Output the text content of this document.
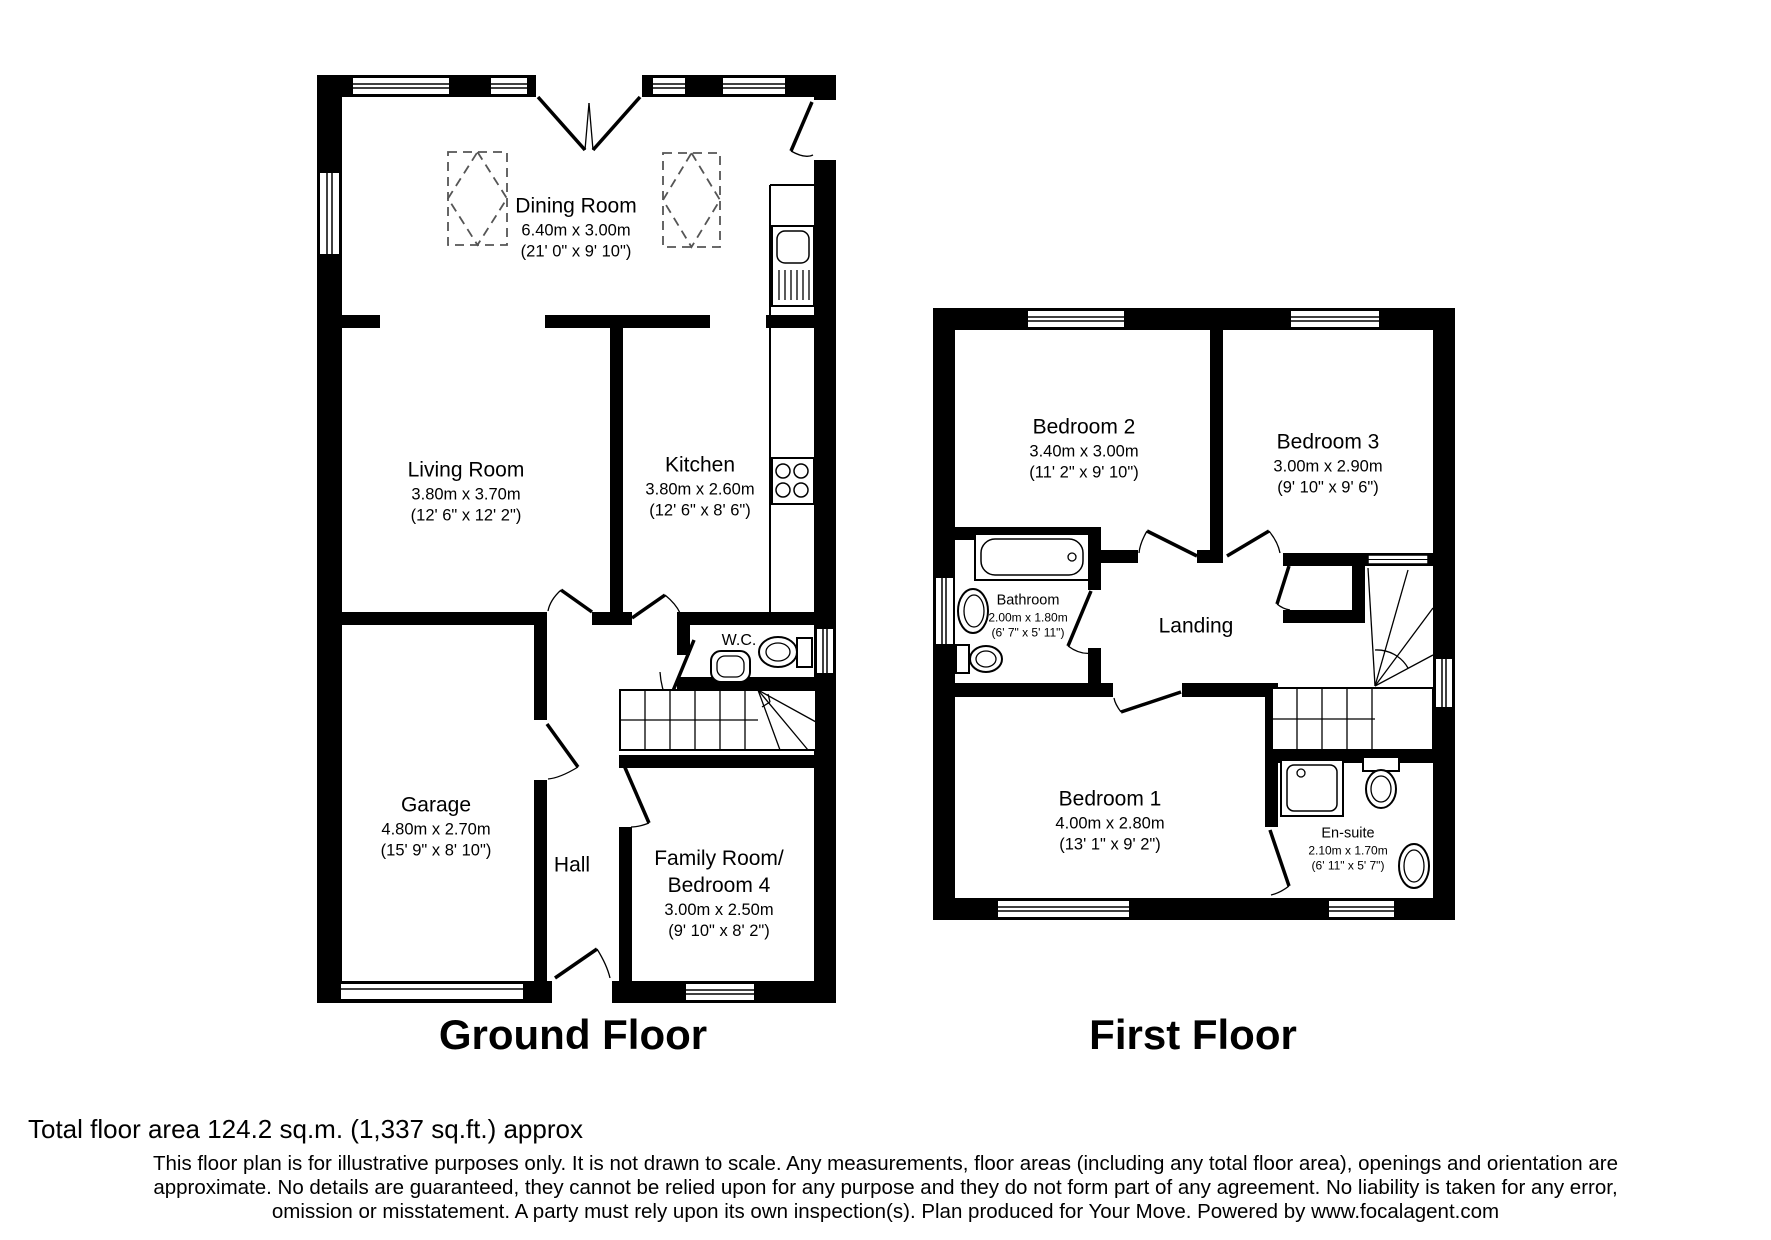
Dining Room
6.40m x 3.00m
(21' 0" x 9' 10")
Living Room
3.80m x 3.70m
(12' 6" x 12' 2")
Kitchen
3.80m x 2.60m
(12' 6" x 8' 6")
W.C.
Garage
4.80m x 2.70m
(15' 9" x 8' 10")
Hall	Family Room/
Bedroom 4
3.00m x 2.50m
(9' 10" x 8' 2")
Bedroom 2
3.40m x 3.00m
(11' 2" x 9' 10")
Bedroom 3
3.00m x 2.90m
(9' 10" x 9' 6")
Bathroom
2.00m x 1.80m
(6' 7" x 5' 11")	Landing
Bedroom 1
4.00m x 2.80m
(13' 1" x 9' 2")
En-suite
2.10m x 1.70m
(6' 11" x 5' 7")
Ground Floor	First Floor
Total floor area 124.2 sq.m. (1,337 sq.ft.) approx
This floor plan is for illustrative purposes only. It is not drawn to scale. Any measurements, floor areas (including any total floor area), openings and orientation are
approximate. No details are guaranteed, they cannot be relied upon for any purpose and they do not form part of any agreement. No liability is taken for any error,
omission or misstatement. A party must rely upon its own inspection(s). Plan produced for Your Move. Powered by www.focalagent.com
